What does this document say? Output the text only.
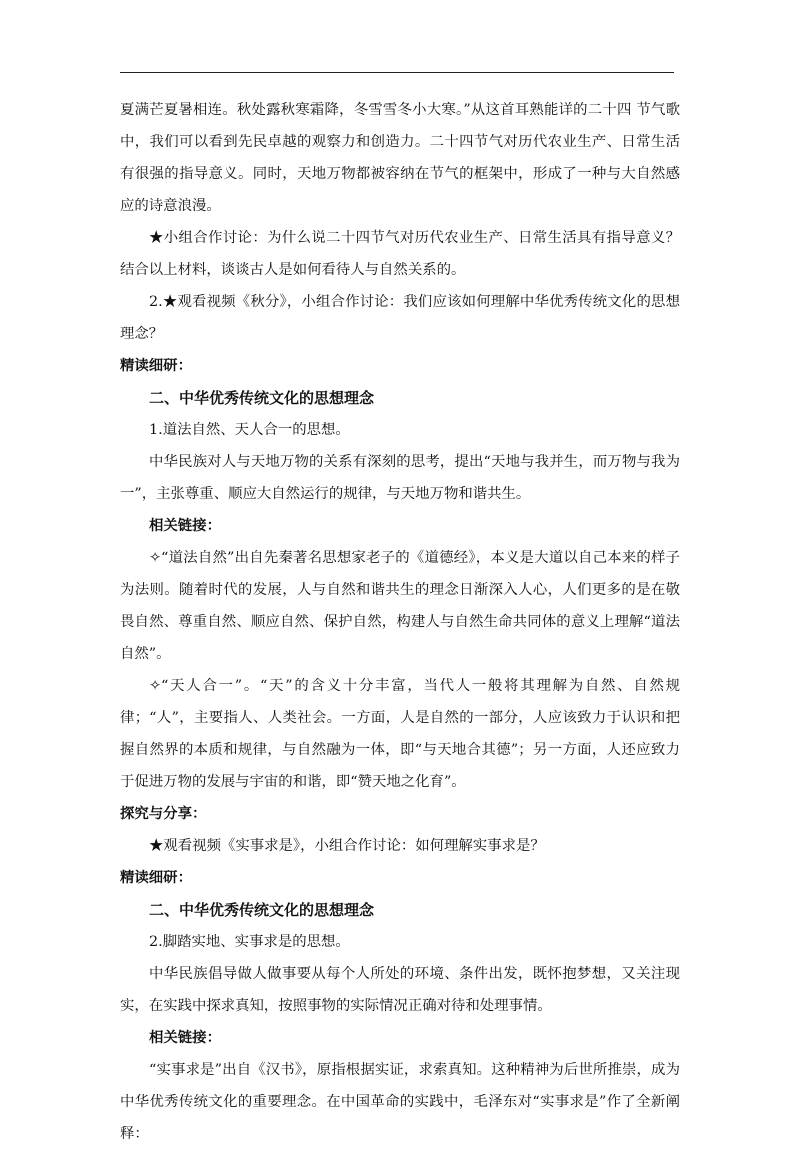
夏满芒夏暑相连。秋处露秋寒霜降，冬雪雪冬小大寒。”从这首耳熟能详的二十四 节气歌中，我们可以看到先民卓越的观察力和创造力。二十四节气对历代农业生产、日常生活有很强的指导意义。同时，天地万物都被容纳在节气的框架中，形成了一种与大自然感应的诗意浪漫。

★小组合作讨论：为什么说二十四节气对历代农业生产、日常生活具有指导意义？结合以上材料，谈谈古人是如何看待人与自然关系的。

2.★观看视频《秋分》，小组合作讨论：我们应该如何理解中华优秀传统文化的思想理念？

精读细研：
二、中华优秀传统文化的思想理念

1.道法自然、天人合一的思想。

中华民族对人与天地万物的关系有深刻的思考，提出“天地与我并生，而万物与我为一”，主张尊重、顺应大自然运行的规律，与天地万物和谐共生。

相关链接：

✧“道法自然”出自先秦著名思想家老子的《道德经》，本义是大道以自己本来的样子为法则。随着时代的发展，人与自然和谐共生的理念日渐深入人心，人们更多的是在敬畏自然、尊重自然、顺应自然、保护自然，构建人与自然生命共同体的意义上理解“道法自然”。

✧“天人合一”。“天”的含义十分丰富，当代人一般将其理解为自然、自然规律；“人”，主要指人、人类社会。一方面，人是自然的一部分，人应该致力于认识和把握自然界的本质和规律，与自然融为一体，即“与天地合其德”；另一方面，人还应致力于促进万物的发展与宇宙的和谐，即“赞天地之化育”。

探究与分享：

★观看视频《实事求是》，小组合作讨论：如何理解实事求是？

精读细研：
二、中华优秀传统文化的思想理念

2.脚踏实地、实事求是的思想。

中华民族倡导做人做事要从每个人所处的环境、条件出发，既怀抱梦想，又关注现实，在实践中探求真知，按照事物的实际情况正确对待和处理事情。

相关链接：

“实事求是”出自《汉书》，原指根据实证，求索真知。这种精神为后世所推崇，成为中华优秀传统文化的重要理念。在中国革命的实践中，毛泽东对“实事求是”作了全新阐释：
